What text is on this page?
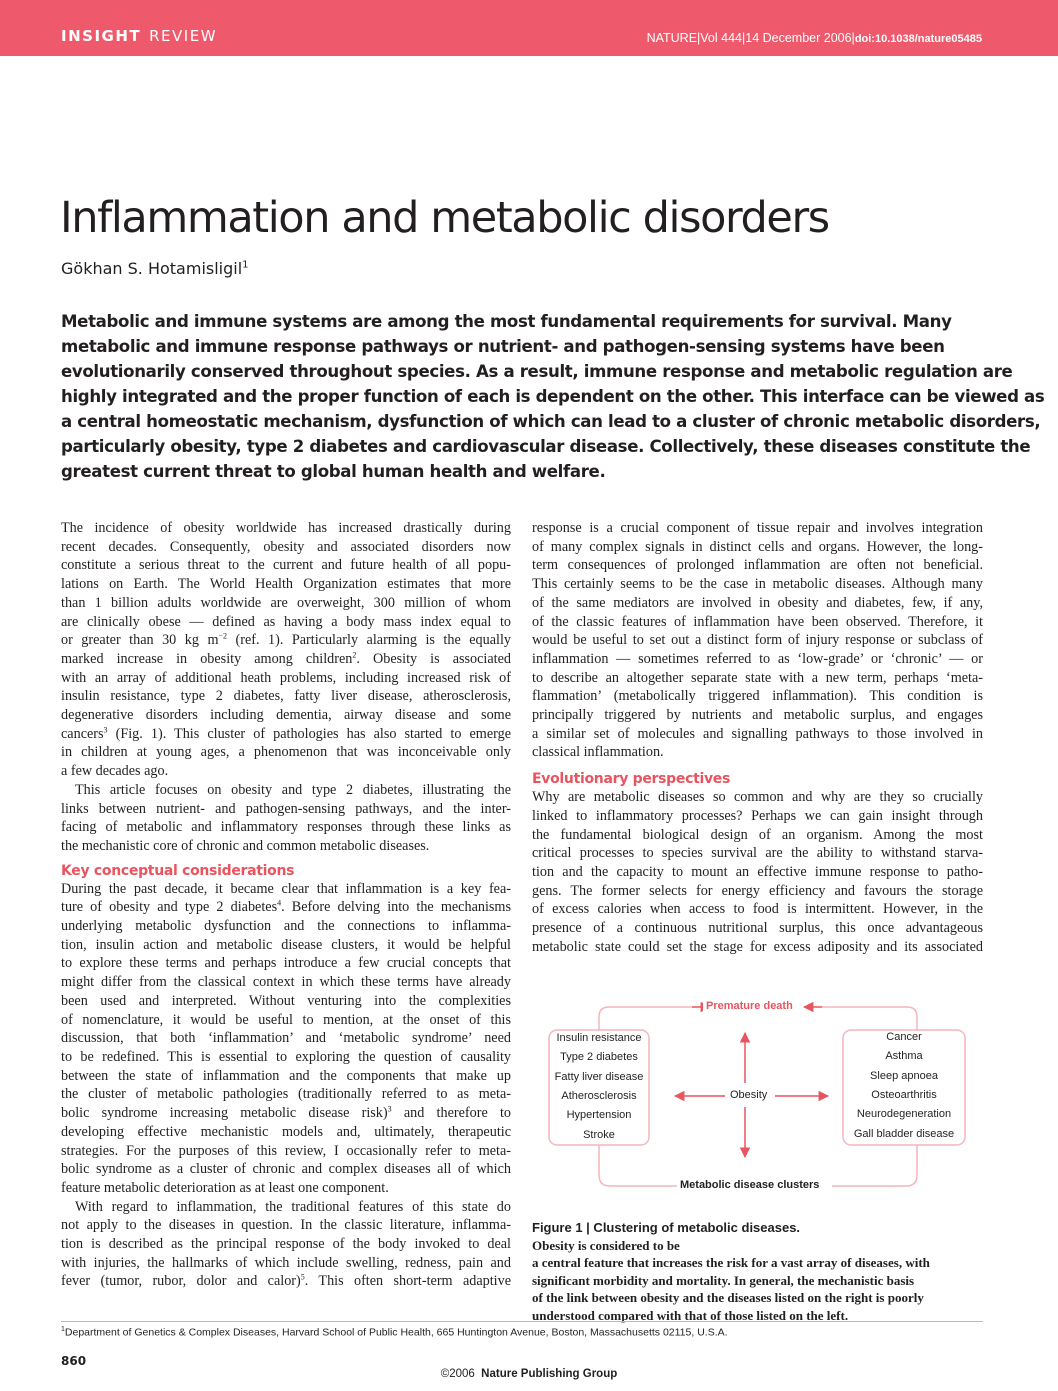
INSIGHT REVIEW	NATURE|Vol 444|14 December 2006|doi:10.1038/nature05485
Inflammation and metabolic disorders
Gökhan S. Hotamisligil$^1$
Metabolic and immune systems are among the most fundamental requirements for survival. Many
metabolic and immune response pathways or nutrient- and pathogen-sensing systems have been
evolutionarily conserved throughout species. As a result, immune response and metabolic regulation are
highly integrated and the proper function of each is dependent on the other. This interface can be viewed as
a central homeostatic mechanism, dysfunction of which can lead to a cluster of chronic metabolic disorders,
particularly obesity, type 2 diabetes and cardiovascular disease. Collectively, these diseases constitute the
greatest current threat to global human health and welfare.
The incidence of obesity worldwide has increased drastically during
recent decades. Consequently, obesity and associated disorders now
constitute a serious threat to the current and future health of all popu-
lations on Earth. The World Health Organization estimates that more
than 1 billion adults worldwide are overweight, 300 million of whom
are clinically obese — defined as having a body mass index equal to
or greater than 30 kg $m^{-2}$ (ref. 1). Particularly alarming is the equally
marked increase in obesity among children$^2$. Obesity is associated
with an array of additional heath problems, including increased risk of
insulin resistance, type 2 diabetes, fatty liver disease, atherosclerosis,
degenerative disorders including dementia, airway disease and some
cancers$^3$ (Fig. 1). This cluster of pathologies has also started to emerge
in children at young ages, a phenomenon that was inconceivable only
a few decades ago.
This article focuses on obesity and type 2 diabetes, illustrating the
links between nutrient- and pathogen-sensing pathways, and the inter-
facing of metabolic and inflammatory responses through these links as
the mechanistic core of chronic and common metabolic diseases.
Key conceptual considerations
During the past decade, it became clear that inflammation is a key fea-
ture of obesity and type 2 diabetes$^4$. Before delving into the mechanisms
underlying metabolic dysfunction and the connections to inflamma-
tion, insulin action and metabolic disease clusters, it would be helpful
to explore these terms and perhaps introduce a few crucial concepts that
might differ from the classical context in which these terms have already
been used and interpreted. Without venturing into the complexities
of nomenclature, it would be useful to mention, at the onset of this
discussion, that both ‘inflammation’ and ‘metabolic syndrome’ need
to be redefined. This is essential to exploring the question of causality
between the state of inflammation and the components that make up
the cluster of metabolic pathologies (traditionally referred to as meta-
bolic syndrome increasing metabolic disease risk)$^3$ and therefore to
developing effective mechanistic models and, ultimately, therapeutic
strategies. For the purposes of this review, I occasionally refer to meta-
bolic syndrome as a cluster of chronic and complex diseases all of which
feature metabolic deterioration as at least one component.
With regard to inflammation, the traditional features of this state do
not apply to the diseases in question. In the classic literature, inflamma-
tion is described as the principal response of the body invoked to deal
with injuries, the hallmarks of which include swelling, redness, pain and
fever (tumor, rubor, dolor and calor)$^5$. This often short-term adaptive
response is a crucial component of tissue repair and involves integration
of many complex signals in distinct cells and organs. However, the long-
term consequences of prolonged inflammation are often not beneficial.
This certainly seems to be the case in metabolic diseases. Although many
of the same mediators are involved in obesity and diabetes, few, if any,
of the classic features of inflammation have been observed. Therefore, it
would be useful to set out a distinct form of injury response or subclass of
inflammation — sometimes referred to as ‘low-grade’ or ‘chronic’ — or
to describe an altogether separate state with a new term, perhaps ‘meta-
flammation’ (metabolically triggered inflammation). This condition is
principally triggered by nutrients and metabolic surplus, and engages
a similar set of molecules and signalling pathways to those involved in
classical inflammation.
Evolutionary perspectives
Why are metabolic diseases so common and why are they so crucially
linked to inflammatory processes? Perhaps we can gain insight through
the fundamental biological design of an organism. Among the most
critical processes to species survival are the ability to withstand starva-
tion and the capacity to mount an effective immune response to patho-
gens. The former selects for energy efficiency and favours the storage
of excess calories when access to food is intermittent. However, in the
presence of a continuous nutritional surplus, this once advantageous
metabolic state could set the stage for excess adiposity and its associated
Premature death
Metabolic disease clusters
Obesity
Insulin resistance
Type 2 diabetes
Fatty liver disease
Atherosclerosis
Hypertension
Stroke
Cancer
Asthma
Sleep apnoea
Osteoarthritis
Neurodegeneration
Gall bladder disease
Figure 1 | Clustering of metabolic diseases.
Obesity is considered to be
a central feature that increases the risk for a vast array of diseases, with
significant morbidity and mortality. In general, the mechanistic basis
of the link between obesity and the diseases listed on the right is poorly
understood compared with that of those listed on the left.
$^1$Department of Genetics & Complex Diseases, Harvard School of Public Health, 665 Huntington Avenue, Boston, Massachusetts 02115, U.S.A.
860
©2006 Nature Publishing Group
